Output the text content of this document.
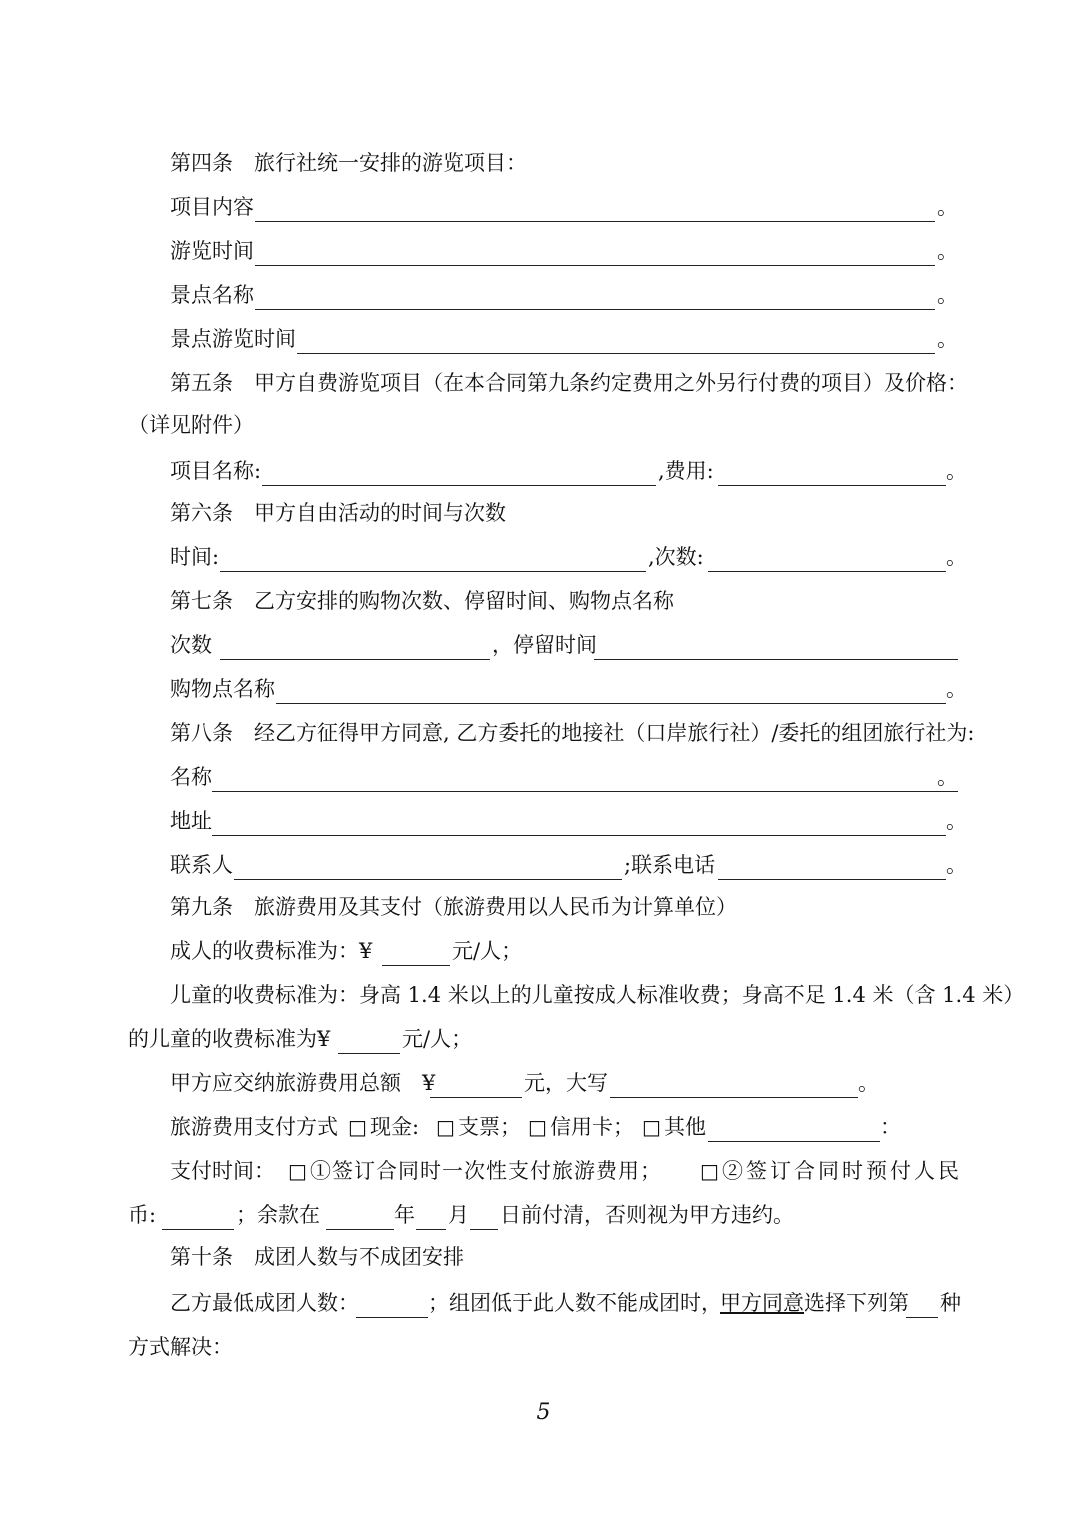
第四条　旅行社统一安排的游览项目：
项目内容	。
游览时间	。
景点名称	。
景点游览时间	。
第五条　甲方自费游览项目（在本合同第九条约定费用之外另行付费的项目）及价格：
（详见附件）
项目名称:	,费用:	。
第六条　甲方自由活动的时间与次数
时间:	,次数:	。
第七条　乙方安排的购物次数、停留时间、购物点名称
次数	，停留时间
购物点名称	。
第八条　经乙方征得甲方同意, 乙方委托的地接社（口岸旅行社）/委托的组团旅行社为:
名称	。
地址	。
联系人	;联系电话	。
第九条　旅游费用及其支付（旅游费用以人民币为计算单位）
成人的收费标准为：¥	元/人；
儿童的收费标准为：身高 1.4 米以上的儿童按成人标准收费；身高不足 1.4 米（含 1.4 米）
的儿童的收费标准为¥	元/人；
甲方应交纳旅游费用总额　¥	元，大写	。
旅游费用支付方式 □ 现金: □ 支票； □ 信用卡； □ 其他	：
支付时间： □ ①签订合同时一次性支付旅游费用； □ ②签订合同时预付人民
币:	；余款在	年 月 日前付清，否则视为甲方违约。
第十条　成团人数与不成团安排
乙方最低成团人数：	；组团低于此人数不能成团时，
甲方同意 选择下列第 种
方式解决：
5
